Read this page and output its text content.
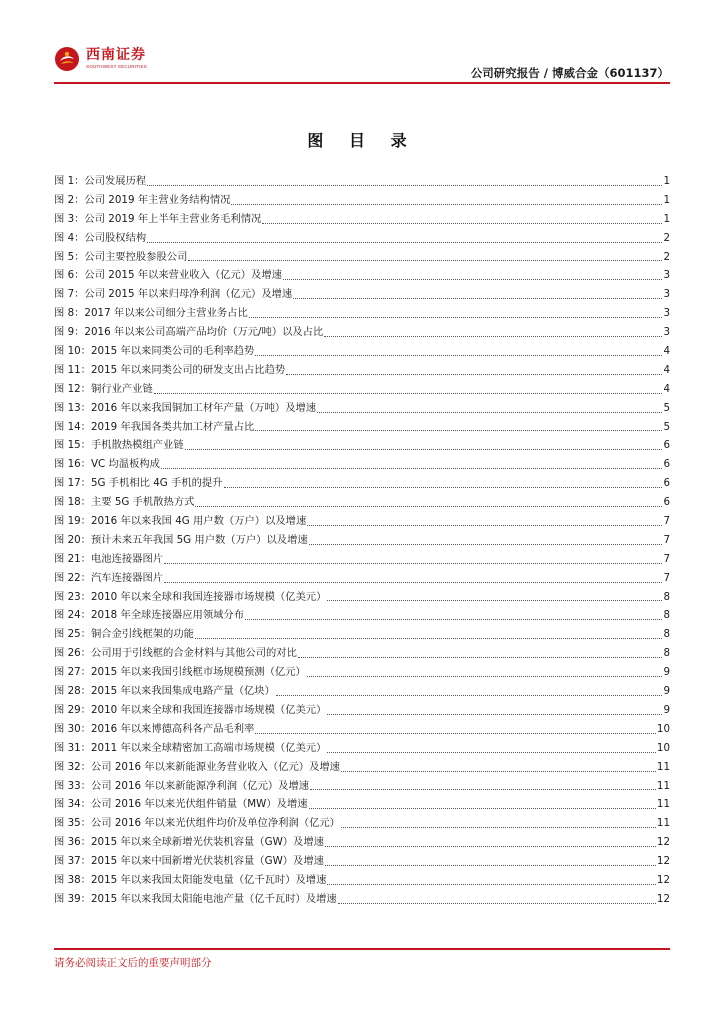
西南证券
SOUTHWEST SECURITIES	公司研究报告 / 博威合金（601137）
图 目 录
图 1：公司发展历程	1
图 2：公司 2019 年主营业务结构情况	1
图 3：公司 2019 年上半年主营业务毛利情况	1
图 4：公司股权结构	2
图 5：公司主要控股参股公司	2
图 6：公司 2015 年以来营业收入（亿元）及增速	3
图 7：公司 2015 年以来归母净利润（亿元）及增速	3
图 8：2017 年以来公司细分主营业务占比	3
图 9：2016 年以来公司高端产品均价（万元/吨）以及占比	3
图 10：2015 年以来同类公司的毛利率趋势	4
图 11：2015 年以来同类公司的研发支出占比趋势	4
图 12：铜行业产业链	4
图 13：2016 年以来我国铜加工材年产量（万吨）及增速	5
图 14：2019 年我国各类共加工材产量占比	5
图 15：手机散热模组产业链	6
图 16：VC 均温板构成	6
图 17：5G 手机相比 4G 手机的提升	6
图 18：主要 5G 手机散热方式	6
图 19：2016 年以来我国 4G 用户数（万户）以及增速	7
图 20：预计未来五年我国 5G 用户数（万户）以及增速	7
图 21：电池连接器图片	7
图 22：汽车连接器图片	7
图 23：2010 年以来全球和我国连接器市场规模（亿美元）	8
图 24：2018 年全球连接器应用领域分布	8
图 25：铜合金引线框架的功能	8
图 26：公司用于引线框的合金材料与其他公司的对比	8
图 27：2015 年以来我国引线框市场规模预测（亿元）	9
图 28：2015 年以来我国集成电路产量（亿块）	9
图 29：2010 年以来全球和我国连接器市场规模（亿美元）	9
图 30：2016 年以来博德高科各产品毛利率	10
图 31：2011 年以来全球精密加工高端市场规模（亿美元）	10
图 32：公司 2016 年以来新能源业务营业收入（亿元）及增速	11
图 33：公司 2016 年以来新能源净利润（亿元）及增速	11
图 34：公司 2016 年以来光伏组件销量（MW）及增速	11
图 35：公司 2016 年以来光伏组件均价及单位净利润（亿元）	11
图 36：2015 年以来全球新增光伏装机容量（GW）及增速	12
图 37：2015 年以来中国新增光伏装机容量（GW）及增速	12
图 38：2015 年以来我国太阳能发电量（亿千瓦时）及增速	12
图 39：2015 年以来我国太阳能电池产量（亿千瓦时）及增速	12
请务必阅读正文后的重要声明部分
